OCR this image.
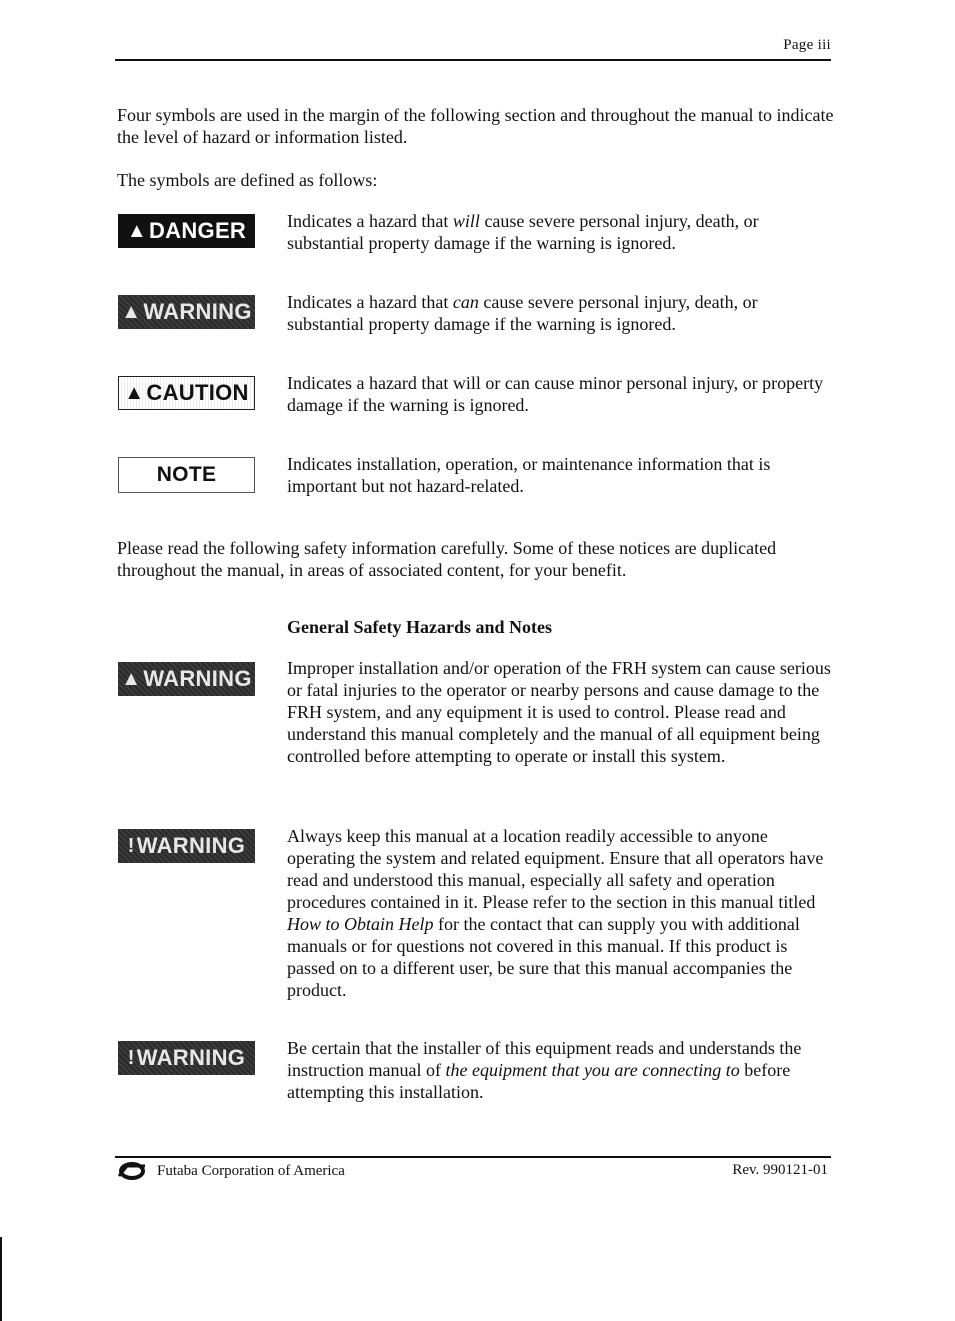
Page iii
Four symbols are used in the margin of the following section and throughout the manual to indicate the level of hazard or information listed.
The symbols are defined as follows:
▲ DANGER Indicates a hazard that will cause severe personal injury, death, or substantial property damage if the warning is ignored.
▲ WARNING Indicates a hazard that can cause severe personal injury, death, or substantial property damage if the warning is ignored.
▲ CAUTION Indicates a hazard that will or can cause minor personal injury, or property damage if the warning is ignored.
NOTE	Indicates installation, operation, or maintenance information that is important but not hazard-related.
Please read the following safety information carefully. Some of these notices are duplicated throughout the manual, in areas of associated content, for your benefit.
General Safety Hazards and Notes
▲ WARNING Improper installation and/or operation of the FRH system can cause serious or fatal injuries to the operator or nearby persons and cause damage to the FRH system, and any equipment it is used to control. Please read and understand this manual completely and the manual of all equipment being controlled before attempting to operate or install this system.
! WARNING Always keep this manual at a location readily accessible to anyone operating the system and related equipment. Ensure that all operators have read and understood this manual, especially all safety and operation procedures contained in it. Please refer to the section in this manual titled How to Obtain Help for the contact that can supply you with additional manuals or for questions not covered in this manual. If this product is passed on to a different user, be sure that this manual accompanies the product.
! WARNING Be certain that the installer of this equipment reads and understands the instruction manual of the equipment that you are connecting to before attempting this installation.
Futaba Corporation of America	Rev. 990121-01
